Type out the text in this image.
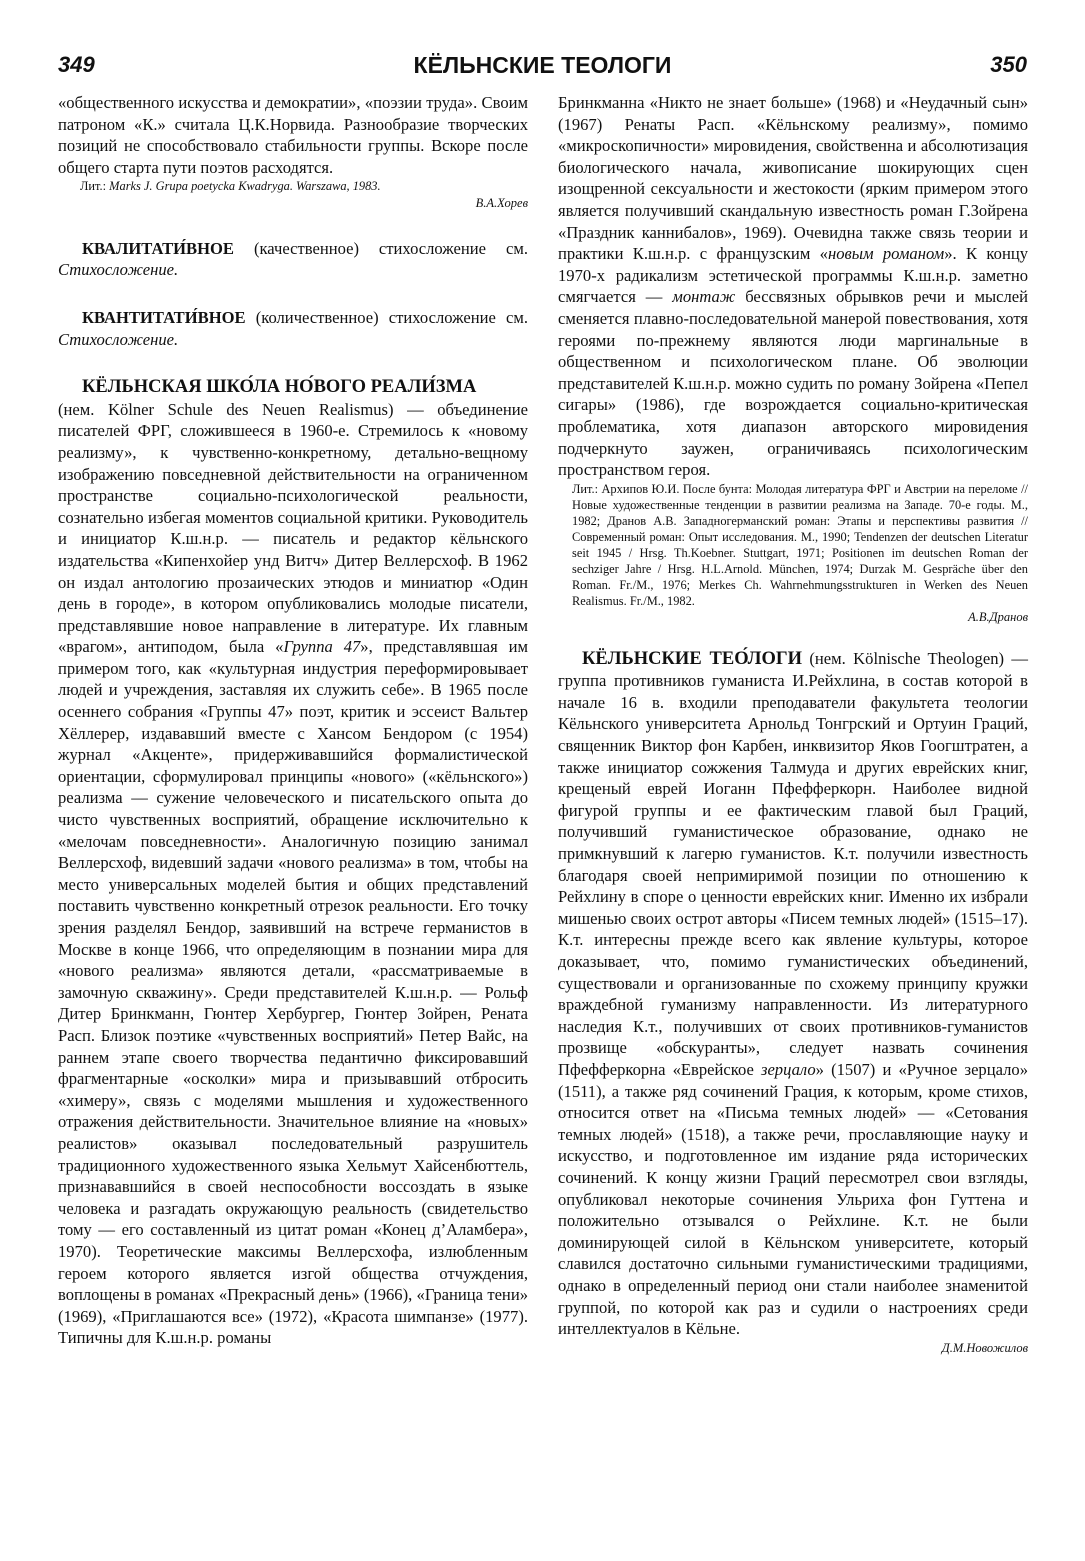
349	КЁЛЬНСКИЕ ТЕОЛОГИ	350

«общественного искусства и демократии», «поэзии труда». Своим патроном «К.» считала Ц.К.Норвида. Разнообразие творческих позиций не способствовало стабильности группы. Вскоре после общего старта пути поэтов расходятся.

Лит.: Marks J. Grupa poetycka Kwadryga. Warszawa, 1983.

В.А.Хорев

КВАЛИТАТИ́ВНОЕ (качественное) стихосложение см. Стихосложение.

КВАНТИТАТИ́ВНОЕ (количественное) стихосложение см. Стихосложение.

КЁЛЬНСКАЯ ШКО́ЛА НО́ВОГО РЕАЛИ́ЗМА

(нем. Kölner Schule des Neuen Realismus) — объединение писателей ФРГ, сложившееся в 1960-е. Стремилось к «новому реализму», к чувственно-конкретному, детально-вещному изображению повседневной действительности на ограниченном пространстве социально-психологической реальности, сознательно избегая моментов социальной критики. Руководитель и инициатор К.ш.н.р. — писатель и редактор кёльнского издательства «Кипенхойер унд Витч» Дитер Веллерсхоф. В 1962 он издал антологию прозаических этюдов и миниатюр «Один день в городе», в котором опубликовались молодые писатели, представлявшие новое направление в литературе. Их главным «врагом», антиподом, была «Группа 47», представлявшая им примером того, как «культурная индустрия переформировывает людей и учреждения, заставляя их служить себе». В 1965 после осеннего собрания «Группы 47» поэт, критик и эссеист Вальтер Хёллерер, издававший вместе с Хансом Бендором (с 1954) журнал «Акценте», придерживавшийся формалистической ориентации, сформулировал принципы «нового» («кёльнского») реализма — сужение человеческого и писательского опыта до чисто чувственных восприятий, обращение исключительно к «мелочам повседневности». Аналогичную позицию занимал Веллерсхоф, видевший задачи «нового реализма» в том, чтобы на место универсальных моделей бытия и общих представлений поставить чувственно конкретный отрезок реальности. Его точку зрения разделял Бендор, заявивший на встрече германистов в Москве в конце 1966, что определяющим в познании мира для «нового реализма» являются детали, «рассматриваемые в замочную скважину». Среди представителей К.ш.н.р. — Рольф Дитер Бринкманн, Гюнтер Хербургер, Гюнтер Зойрен, Рената Расп. Близок поэтике «чувственных восприятий» Петер Вайс, на раннем этапе своего творчества педантично фиксировавший фрагментарные «осколки» мира и призывавший отбросить «химеру», связь с моделями мышления и художественного отражения действительности. Значительное влияние на «новых» реалистов» оказывал последовательный разрушитель традиционного художественного языка Хельмут Хайсенбюттель, признававшийся в своей неспособности воссоздать в языке человека и разгадать окружающую реальность (свидетельство тому — его составленный из цитат роман «Конец д’Аламбера», 1970). Теоретические максимы Веллерсхофа, излюбленным героем которого является изгой общества отчуждения, воплощены в романах «Прекрасный день» (1966), «Граница тени» (1969), «Приглашаются все» (1972), «Красота шимпанзе» (1977). Типичны для К.ш.н.р. романы

Бринкманна «Никто не знает больше» (1968) и «Неудачный сын» (1967) Ренаты Расп. «Кёльнскому реализму», помимо «микроскопичности» мировидения, свойственна и абсолютизация биологического начала, живописание шокирующих сцен изощренной сексуальности и жестокости (ярким примером этого является получивший скандальную известность роман Г.Зойрена «Праздник каннибалов», 1969). Очевидна также связь теории и практики К.ш.н.р. с французским «новым романом». К концу 1970-х радикализм эстетической программы К.ш.н.р. заметно смягчается — монтаж бессвязных обрывков речи и мыслей сменяется плавно-последовательной манерой повествования, хотя героями по-прежнему являются люди маргинальные в общественном и психологическом плане. Об эволюции представителей К.ш.н.р. можно судить по роману Зойрена «Пепел сигары» (1986), где возрождается социально-критическая проблематика, хотя диапазон авторского мировидения подчеркнуто заужен, ограничиваясь психологическим пространством героя.

Лит.: Архипов Ю.И. После бунта: Молодая литература ФРГ и Австрии на переломе // Новые художественные тенденции в развитии реализма на Западе. 70-е годы. М., 1982; Дранов А.В. Западногерманский роман: Этапы и перспективы развития // Современный роман: Опыт исследования. М., 1990; Tendenzen der deutschen Literatur seit 1945 / Hrsg. Th.Koebner. Stuttgart, 1971; Positionen im deutschen Roman der sechziger Jahre / Hrsg. H.L.Arnold. München, 1974; Durzak M. Gespräche über den Roman. Fr./M., 1976; Merkes Ch. Wahrnehmungsstrukturen in Werken des Neuen Realismus. Fr./M., 1982.

А.В.Дранов

КЁЛЬНСКИЕ ТЕО́ЛОГИ (нем. Kölnische Theologen) — группа противников гуманиста И.Рейхлина, в состав которой в начале 16 в. входили преподаватели факультета теологии Кёльнского университета Арнольд Тонгрский и Ортуин Граций, священник Виктор фон Карбен, инквизитор Яков Гоогштратен, а также инициатор сожжения Талмуда и других еврейских книг, крещеный еврей Иоганн Пфефферкорн. Наиболее видной фигурой группы и ее фактическим главой был Граций, получивший гуманистическое образование, однако не примкнувший к лагерю гуманистов. К.т. получили известность благодаря своей непримиримой позиции по отношению к Рейхлину в споре о ценности еврейских книг. Именно их избрали мишенью своих острот авторы «Писем темных людей» (1515–17). К.т. интересны прежде всего как явление культуры, которое доказывает, что, помимо гуманистических объединений, существовали и организованные по схожему принципу кружки враждебной гуманизму направленности. Из литературного наследия К.т., получивших от своих противников-гуманистов прозвище «обскуранты», следует назвать сочинения Пфефферкорна «Еврейское зерцало» (1507) и «Ручное зерцало» (1511), а также ряд сочинений Грация, к которым, кроме стихов, относится ответ на «Письма темных людей» — «Сетования темных людей» (1518), а также речи, прославляющие науку и искусство, и подготовленное им издание ряда исторических сочинений. К концу жизни Граций пересмотрел свои взгляды, опубликовал некоторые сочинения Ульриха фон Гуттена и положительно отзывался о Рейхлине. К.т. не были доминирующей силой в Кёльнском университете, который славился достаточно сильными гуманистическими традициями, однако в определенный период они стали наиболее знаменитой группой, по которой как раз и судили о настроениях среди интеллектуалов в Кёльне.

Д.М.Новожилов
